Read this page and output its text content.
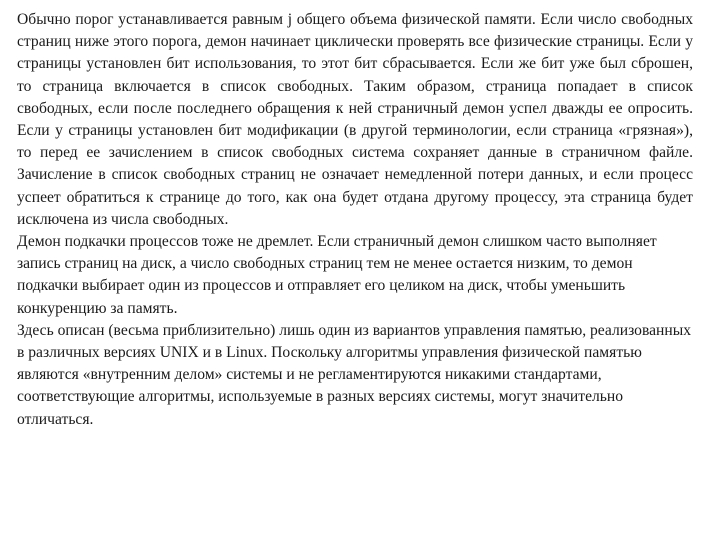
Обычно порог устанавливается равным j общего объема физической памяти. Если число свободных страниц ниже этого порога, демон начинает циклически проверять все физические страницы. Если у страницы установлен бит использования, то этот бит сбрасывается. Если же бит уже был сброшен, то страница включается в список свободных. Таким образом, страница попадает в список свободных, если после последнего обращения к ней страничный демон успел дважды ее опросить. Если у страницы установлен бит модификации (в другой терминологии, если страница «грязная»), то перед ее зачислением в список свободных система сохраняет данные в страничном файле. Зачисление в список свободных страниц не означает немедленной потери данных, и если процесс успеет обратиться к странице до того, как она будет отдана другому процессу, эта страница будет исключена из числа свободных.

Демон подкачки процессов тоже не дремлет. Если страничный демон слишком часто выполняет запись страниц на диск, а число свободных страниц тем не менее остается низким, то демон подкачки выбирает один из процессов и отправляет его целиком на диск, чтобы уменьшить конкуренцию за память.

Здесь описан (весьма приблизительно) лишь один из вариантов управления памятью, реализованных в различных версиях UNIX и в Linux. Поскольку алгоритмы управления физической памятью являются «внутренним делом» системы и не регламентируются никакими стандартами, соответствующие алгоритмы, используемые в разных версиях системы, могут значительно отличаться.
